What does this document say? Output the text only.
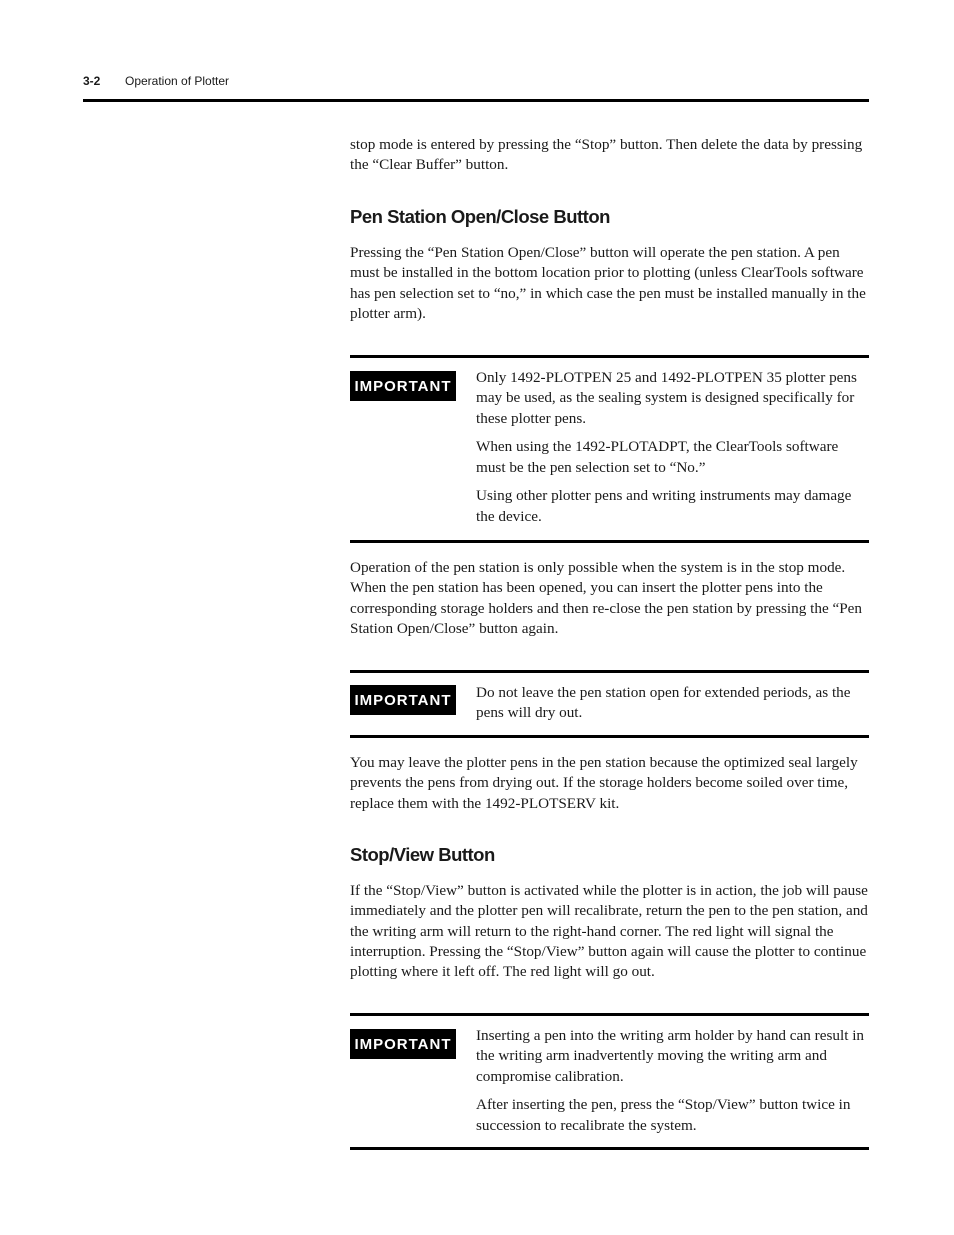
3-2 Operation of Plotter

stop mode is entered by pressing the “Stop” button. Then delete the data by pressing the “Clear Buffer” button.

Pen Station Open/Close Button

Pressing the “Pen Station Open/Close” button will operate the pen station. A pen must be installed in the bottom location prior to plotting (unless ClearTools software has pen selection set to “no,” in which case the pen must be installed manually in the plotter arm).

IMPORTANT Only 1492-PLOTPEN 25 and 1492-PLOTPEN 35 plotter pens may be used, as the sealing system is designed specifically for these plotter pens.

When using the 1492-PLOTADPT, the ClearTools software must be the pen selection set to “No.”

Using other plotter pens and writing instruments may damage the device.

Operation of the pen station is only possible when the system is in the stop mode. When the pen station has been opened, you can insert the plotter pens into the corresponding storage holders and then re-close the pen station by pressing the “Pen Station Open/Close” button again.

IMPORTANT Do not leave the pen station open for extended periods, as the pens will dry out.

You may leave the plotter pens in the pen station because the optimized seal largely prevents the pens from drying out. If the storage holders become soiled over time, replace them with the 1492-PLOTSERV kit.

Stop/View Button

If the “Stop/View” button is activated while the plotter is in action, the job will pause immediately and the plotter pen will recalibrate, return the pen to the pen station, and the writing arm will return to the right-hand corner. The red light will signal the interruption. Pressing the “Stop/View” button again will cause the plotter to continue plotting where it left off. The red light will go out.

IMPORTANT Inserting a pen into the writing arm holder by hand can result in the writing arm inadvertently moving the writing arm and compromise calibration.

After inserting the pen, press the “Stop/View” button twice in succession to recalibrate the system.
